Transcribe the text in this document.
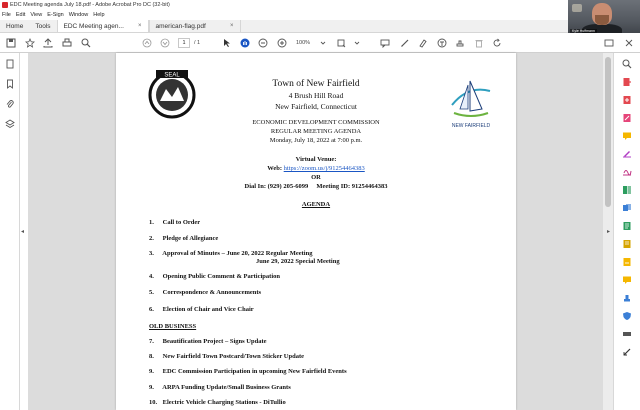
EDC Meeting agenda July 18.pdf - Adobe Acrobat Pro DC (32-bit)
File Edit View E-Sign Window Help
Kyle Huffmann
Home	Tools	EDC Meeting agen... × american-flag.pdf	×
1	/ 1	100%
◂
SEAL
NEW FAIRFIELD
Town of New Fairfield
4 Brush Hill Road
New Fairfield, Connecticut
ECONOMIC DEVELOPMENT COMMISSION
REGULAR MEETING AGENDA
Monday, July 18, 2022 at 7:00 p.m.
Virtual Venue:
Web: https://zoom.us/j/91254464383
OR
Dial In: (929) 205-6099     Meeting ID: 91254464383
AGENDA
1. Call to Order
2. Pledge of Allegiance
3. Approval of Minutes – June 20, 2022 Regular Meeting
June 29, 2022 Special Meeting
4. Opening Public Comment & Participation
5. Correspondence & Announcements
6. Election of Chair and Vice Chair
OLD BUSINESS
7. Beautification Project – Signs Update
8. New Fairfield Town Postcard/Town Sticker Update
9. EDC Commission Participation in upcoming New Fairfield Events
9. ARPA Funding Update/Small Business Grants
10. Electric Vehicle Charging Stations - DiTullio
▸
